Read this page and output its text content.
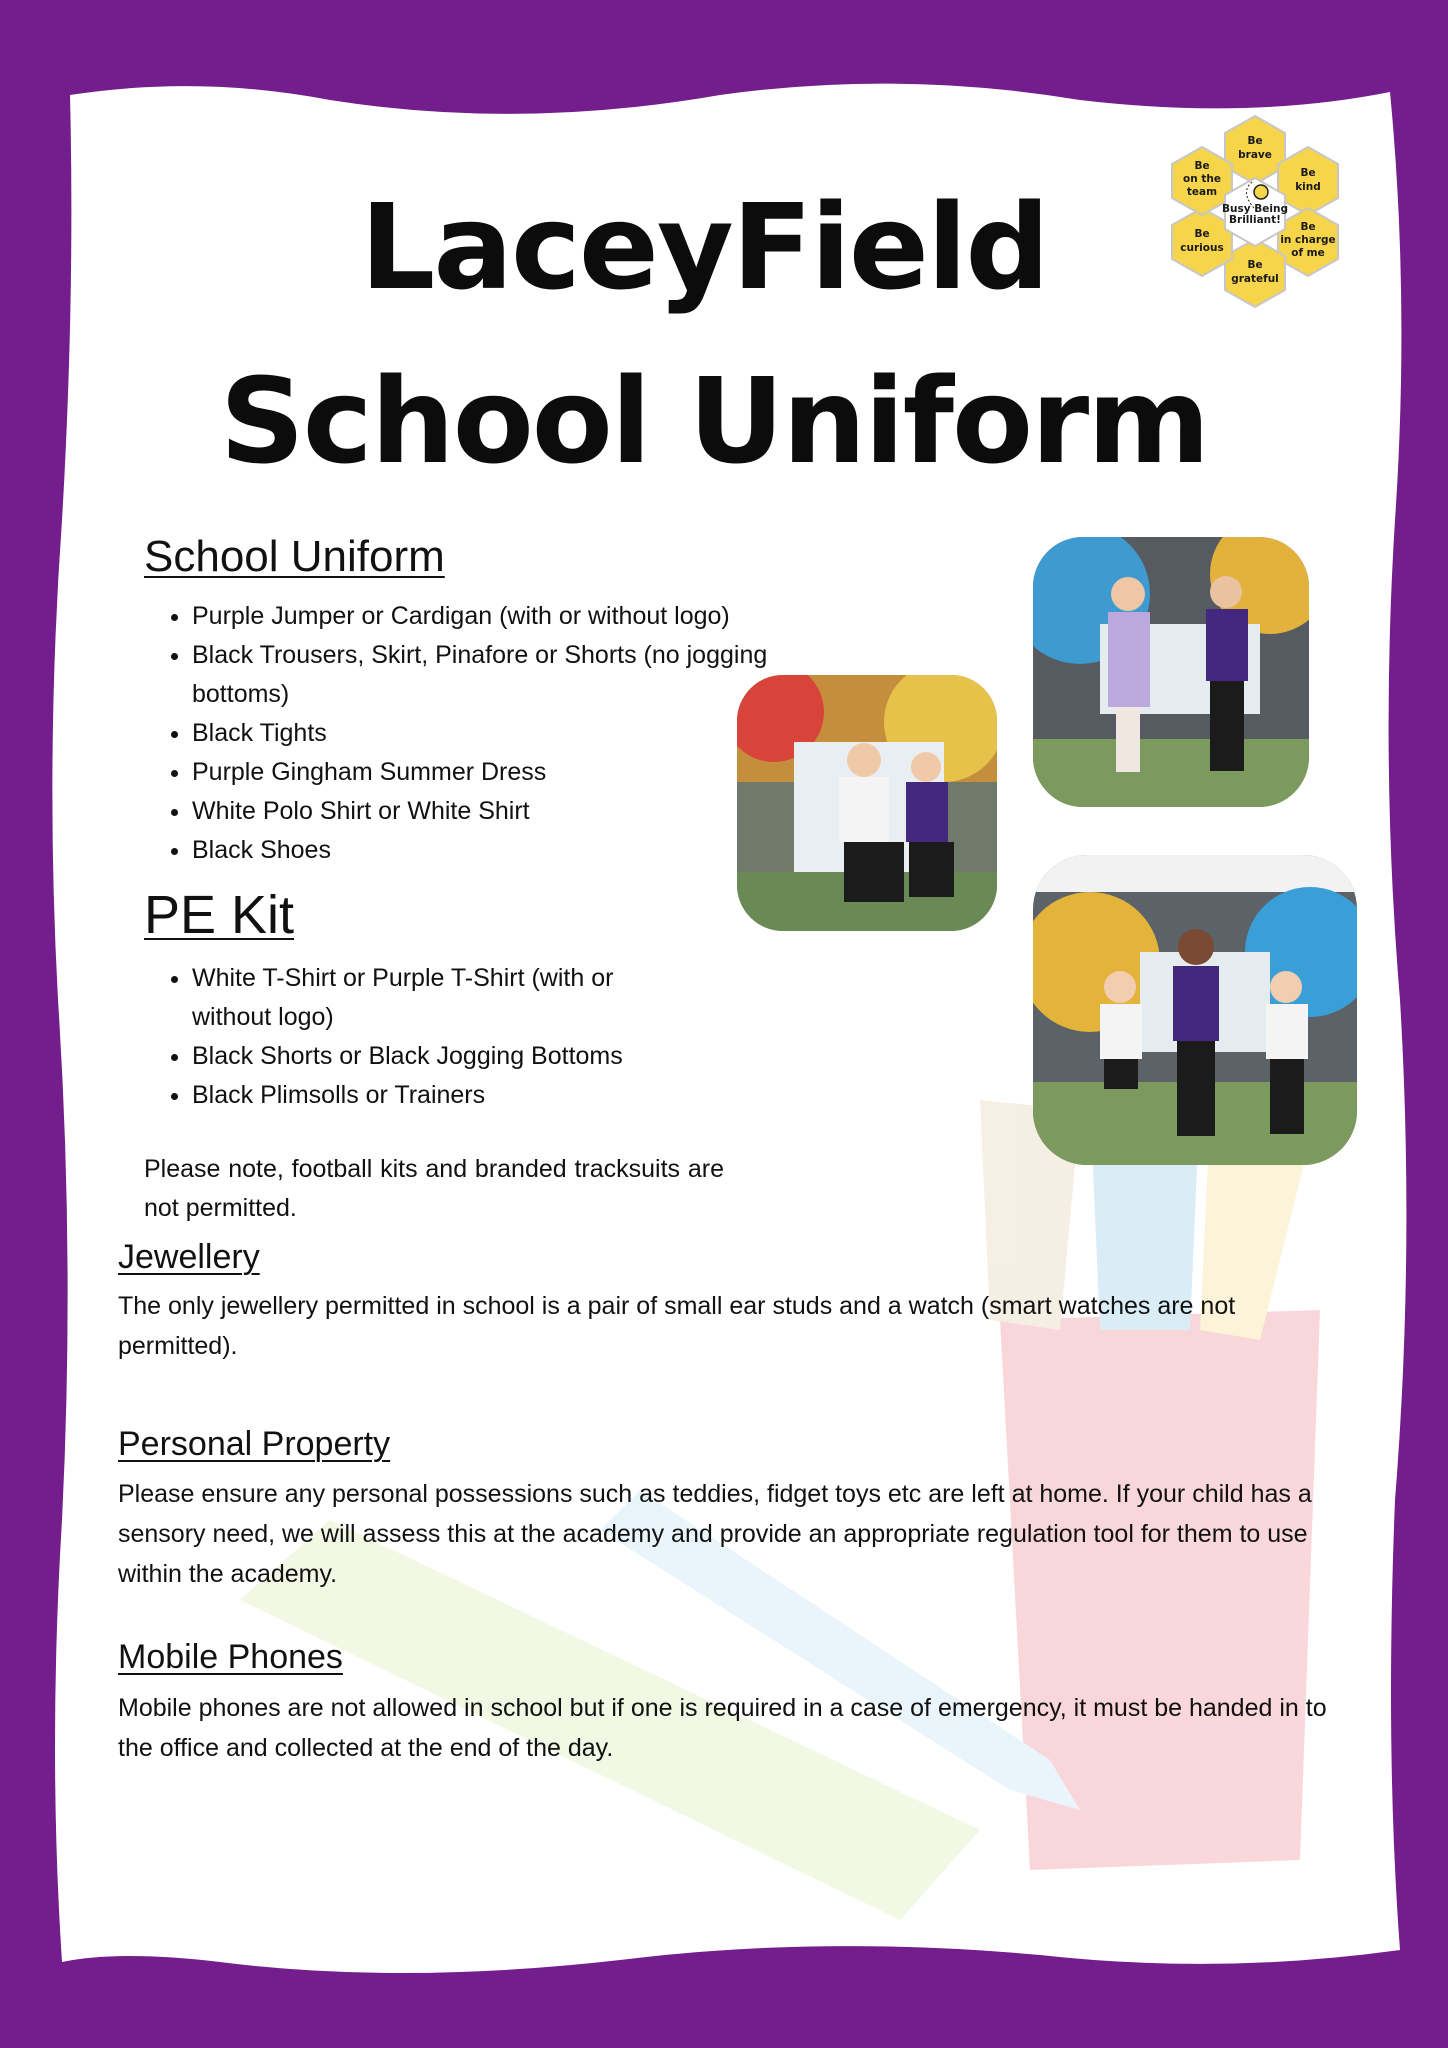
LaceyField
School Uniform
Busy Being
Brilliant!
Be
brave
Be
kind
Be
in charge
of me
Be
grateful
Be
curious
Be
on the
team
School Uniform
• Purple Jumper or Cardigan (with or without logo)
• Black Trousers, Skirt, Pinafore or Shorts (no jogging bottoms)
• Black Tights
• Purple Gingham Summer Dress
• White Polo Shirt or White Shirt
• Black Shoes
PE Kit
• White T-Shirt or Purple T-Shirt (with or without logo)
• Black Shorts or Black Jogging Bottoms
• Black Plimsolls or Trainers

Please note, football kits and branded tracksuits are not permitted.

Jewellery

The only jewellery permitted in school is a pair of small ear studs and a watch (smart watches are not permitted).

Personal Property

Please ensure any personal possessions such as teddies, fidget toys etc are left at home. If your child has a sensory need, we will assess this at the academy and provide an appropriate regulation tool for them to use within the academy.

Mobile Phones

Mobile phones are not allowed in school but if one is required in a case of emergency, it must be handed in to the office and collected at the end of the day.
